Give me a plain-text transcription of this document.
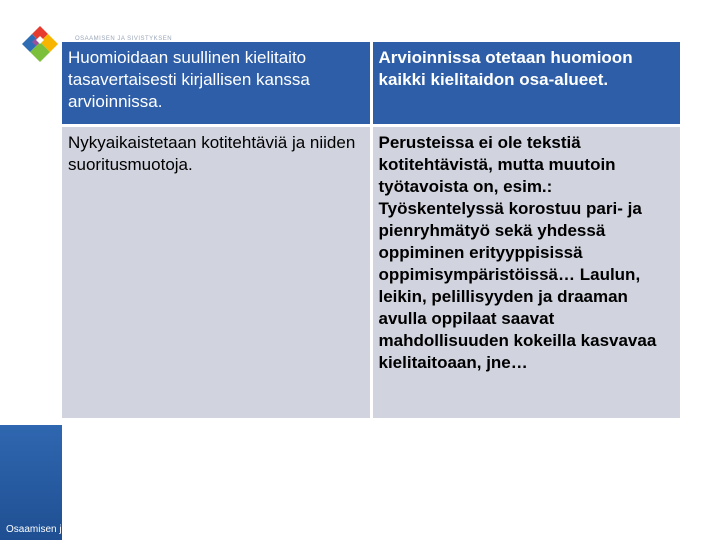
OSAAMISEN JA SIVISTYKSEN
Huomioidaan suullinen kielitaito tasavertaisesti kirjallisen kanssa arvioinnissa.	Arvioinnissa otetaan huomioon kaikki kielitaidon osa-alueet.
Nykyaikaistetaan kotitehtäviä ja niiden suoritusmuotoja.	Perusteissa ei ole tekstiä kotitehtävistä, mutta muutoin työtavoista on, esim.: Työskentelyssä korostuu pari- ja pienryhmätyö sekä yhdessä oppiminen erityyppisissä oppimisympäristöissä… Laulun, leikin, pelillisyyden ja draaman avulla oppilaat saavat mahdollisuuden kokeilla kasvavaa kielitaitoaan, jne…
Osaamisen ja sivistyksen parhaaksi
